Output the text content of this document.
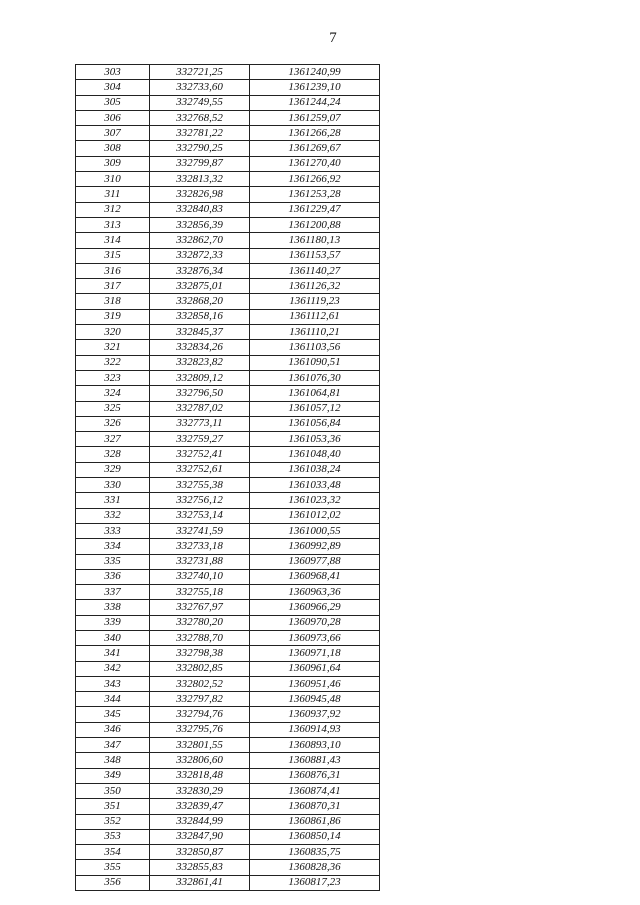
7
303	332721,25	1361240,99
304	332733,60	1361239,10
305	332749,55	1361244,24
306	332768,52	1361259,07
307	332781,22	1361266,28
308	332790,25	1361269,67
309	332799,87	1361270,40
310	332813,32	1361266,92
311	332826,98	1361253,28
312	332840,83	1361229,47
313	332856,39	1361200,88
314	332862,70	1361180,13
315	332872,33	1361153,57
316	332876,34	1361140,27
317	332875,01	1361126,32
318	332868,20	1361119,23
319	332858,16	1361112,61
320	332845,37	1361110,21
321	332834,26	1361103,56
322	332823,82	1361090,51
323	332809,12	1361076,30
324	332796,50	1361064,81
325	332787,02	1361057,12
326	332773,11	1361056,84
327	332759,27	1361053,36
328	332752,41	1361048,40
329	332752,61	1361038,24
330	332755,38	1361033,48
331	332756,12	1361023,32
332	332753,14	1361012,02
333	332741,59	1361000,55
334	332733,18	1360992,89
335	332731,88	1360977,88
336	332740,10	1360968,41
337	332755,18	1360963,36
338	332767,97	1360966,29
339	332780,20	1360970,28
340	332788,70	1360973,66
341	332798,38	1360971,18
342	332802,85	1360961,64
343	332802,52	1360951,46
344	332797,82	1360945,48
345	332794,76	1360937,92
346	332795,76	1360914,93
347	332801,55	1360893,10
348	332806,60	1360881,43
349	332818,48	1360876,31
350	332830,29	1360874,41
351	332839,47	1360870,31
352	332844,99	1360861,86
353	332847,90	1360850,14
354	332850,87	1360835,75
355	332855,83	1360828,36
356	332861,41	1360817,23
